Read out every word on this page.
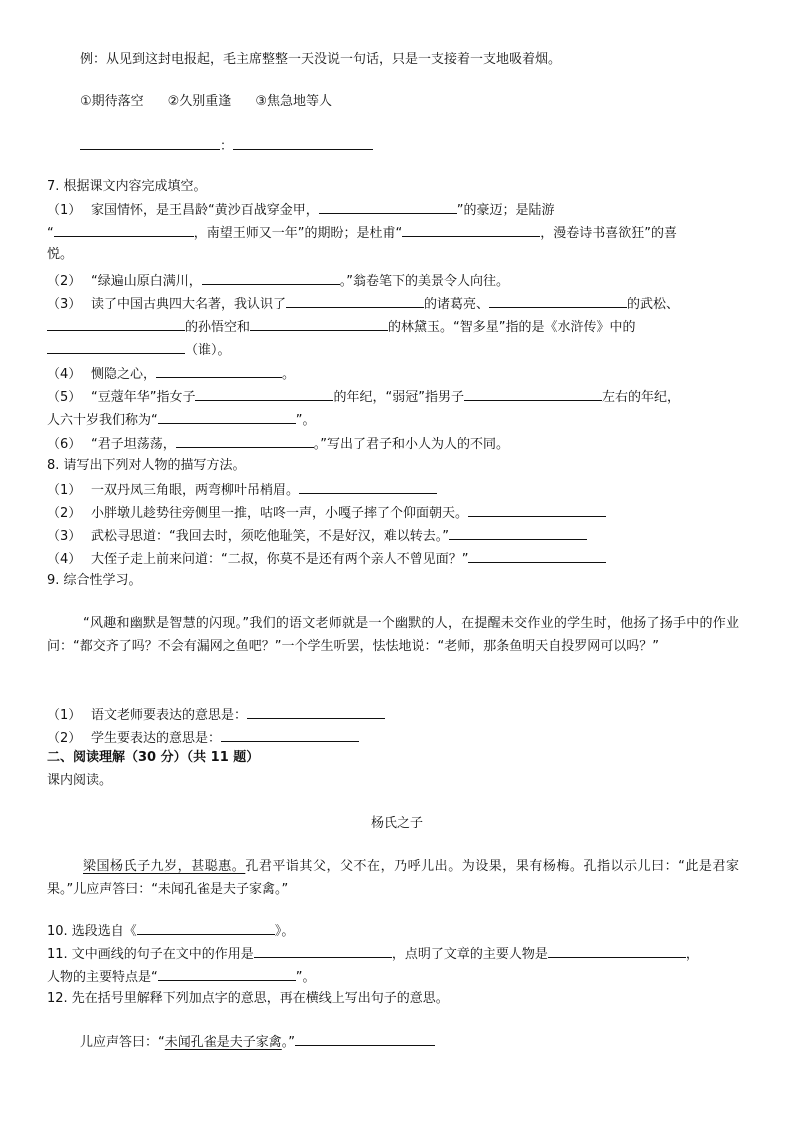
例：从见到这封电报起，毛主席整整一天没说一句话，只是一支接着一支地吸着烟。
①期待落空 ②久别重逢 ③焦急地等人
：
7. 根据课文内容完成填空。
（1） 家国情怀，是王昌龄“黄沙百战穿金甲，	”的豪迈；是陆游
“	，南望王师又一年”的期盼；是杜甫“	，漫卷诗书喜欲狂”的喜
悦。
（2） “绿遍山原白满川，	。”翁卷笔下的美景令人向往。
（3） 读了中国古典四大名著，我认识了	的诸葛亮、	的武松、
的孙悟空和	的林黛玉。“智多星”指的是《水浒传》中的
（谁）。
（4） 恻隐之心，	。
（5） “豆蔻年华”指女子	的年纪，“弱冠”指男子	左右的年纪，
人六十岁我们称为“	”。
（6） “君子坦荡荡，	。”写出了君子和小人为人的不同。
8. 请写出下列对人物的描写方法。
（1） 一双丹凤三角眼，两弯柳叶吊梢眉。
（2） 小胖墩儿趁势往旁侧里一推，咕咚一声，小嘎子摔了个仰面朝天。
（3） 武松寻思道：“我回去时，须吃他耻笑，不是好汉，难以转去。”
（4） 大侄子走上前来问道：“二叔，你莫不是还有两个亲人不曾见面？”
9. 综合性学习。
“风趣和幽默是智慧的闪现。”我们的语文老师就是一个幽默的人，在提醒未交作业的学生时，他扬了扬手中的作业问：“都交齐了吗？不会有漏网之鱼吧？”一个学生听罢，怯怯地说：“老师，那条鱼明天自投罗网可以吗？”
（1） 语文老师要表达的意思是：
（2） 学生要表达的意思是：
二、阅读理解（30 分）（共 11 题）
课内阅读。
杨氏之子
梁国杨氏子九岁，甚聪惠。孔君平诣其父，父不在，乃呼儿出。为设果，果有杨梅。孔指以示儿曰：“此是君家果。”儿应声答曰：“未闻孔雀是夫子家禽。”
10. 选段选自《	》。
11. 文中画线的句子在文中的作用是	，点明了文章的主要人物是	，
人物的主要特点是“	”。
12. 先在括号里解释下列加点字的意思，再在横线上写出句子的意思。
儿应声答曰：“未闻孔雀是夫子家禽。”
